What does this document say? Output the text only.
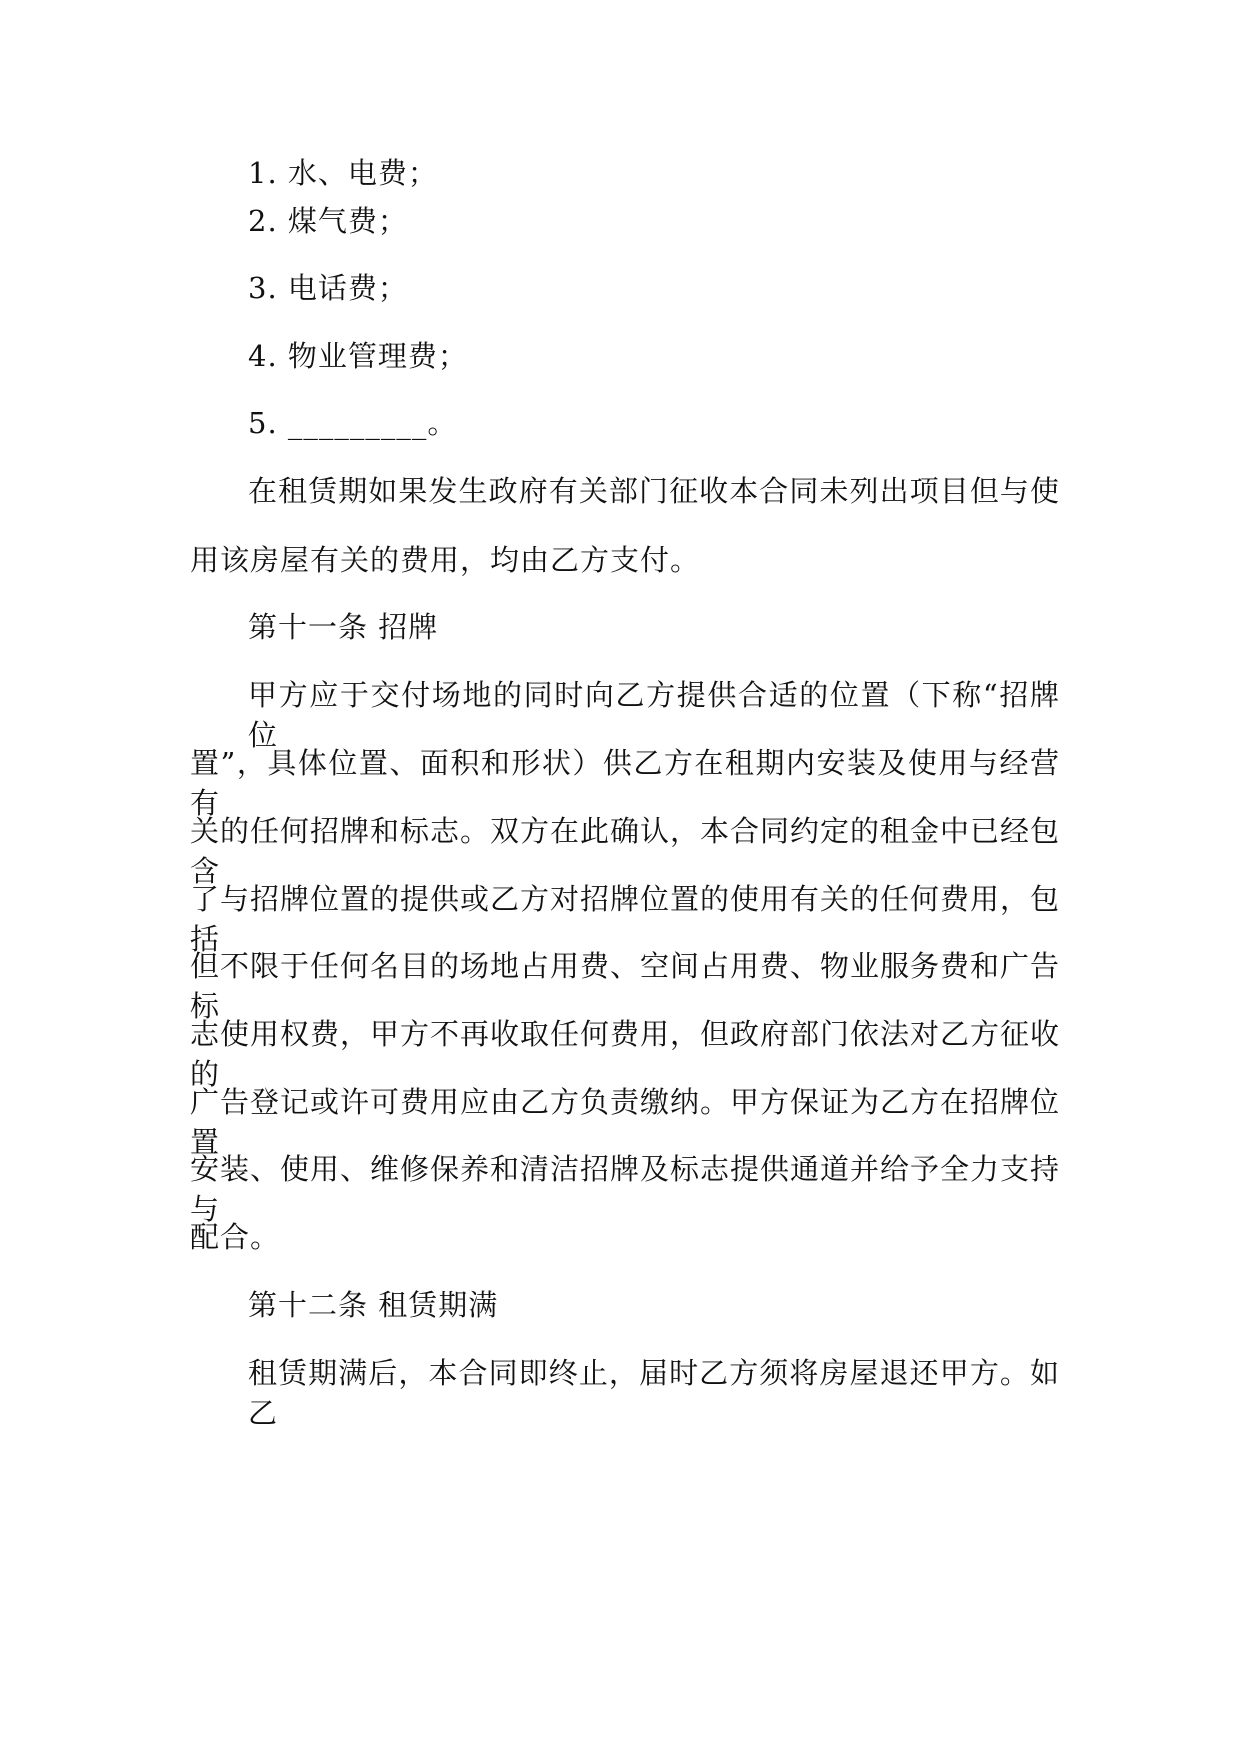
1. 水、电费；
2. 煤气费；
3. 电话费；
4. 物业管理费；
5. _________。
在租赁期如果发生政府有关部门征收本合同未列出项目但与使
用该房屋有关的费用，均由乙方支付。
第十一条 招牌
甲方应于交付场地的同时向乙方提供合适的位置（下称“招牌位
置”，具体位置、面积和形状）供乙方在租期内安装及使用与经营有
关的任何招牌和标志。双方在此确认，本合同约定的租金中已经包含
了与招牌位置的提供或乙方对招牌位置的使用有关的任何费用，包括
但不限于任何名目的场地占用费、空间占用费、物业服务费和广告标
志使用权费，甲方不再收取任何费用，但政府部门依法对乙方征收的
广告登记或许可费用应由乙方负责缴纳。甲方保证为乙方在招牌位置
安装、使用、维修保养和清洁招牌及标志提供通道并给予全力支持与
配合。
第十二条 租赁期满
租赁期满后，本合同即终止，届时乙方须将房屋退还甲方。如乙
